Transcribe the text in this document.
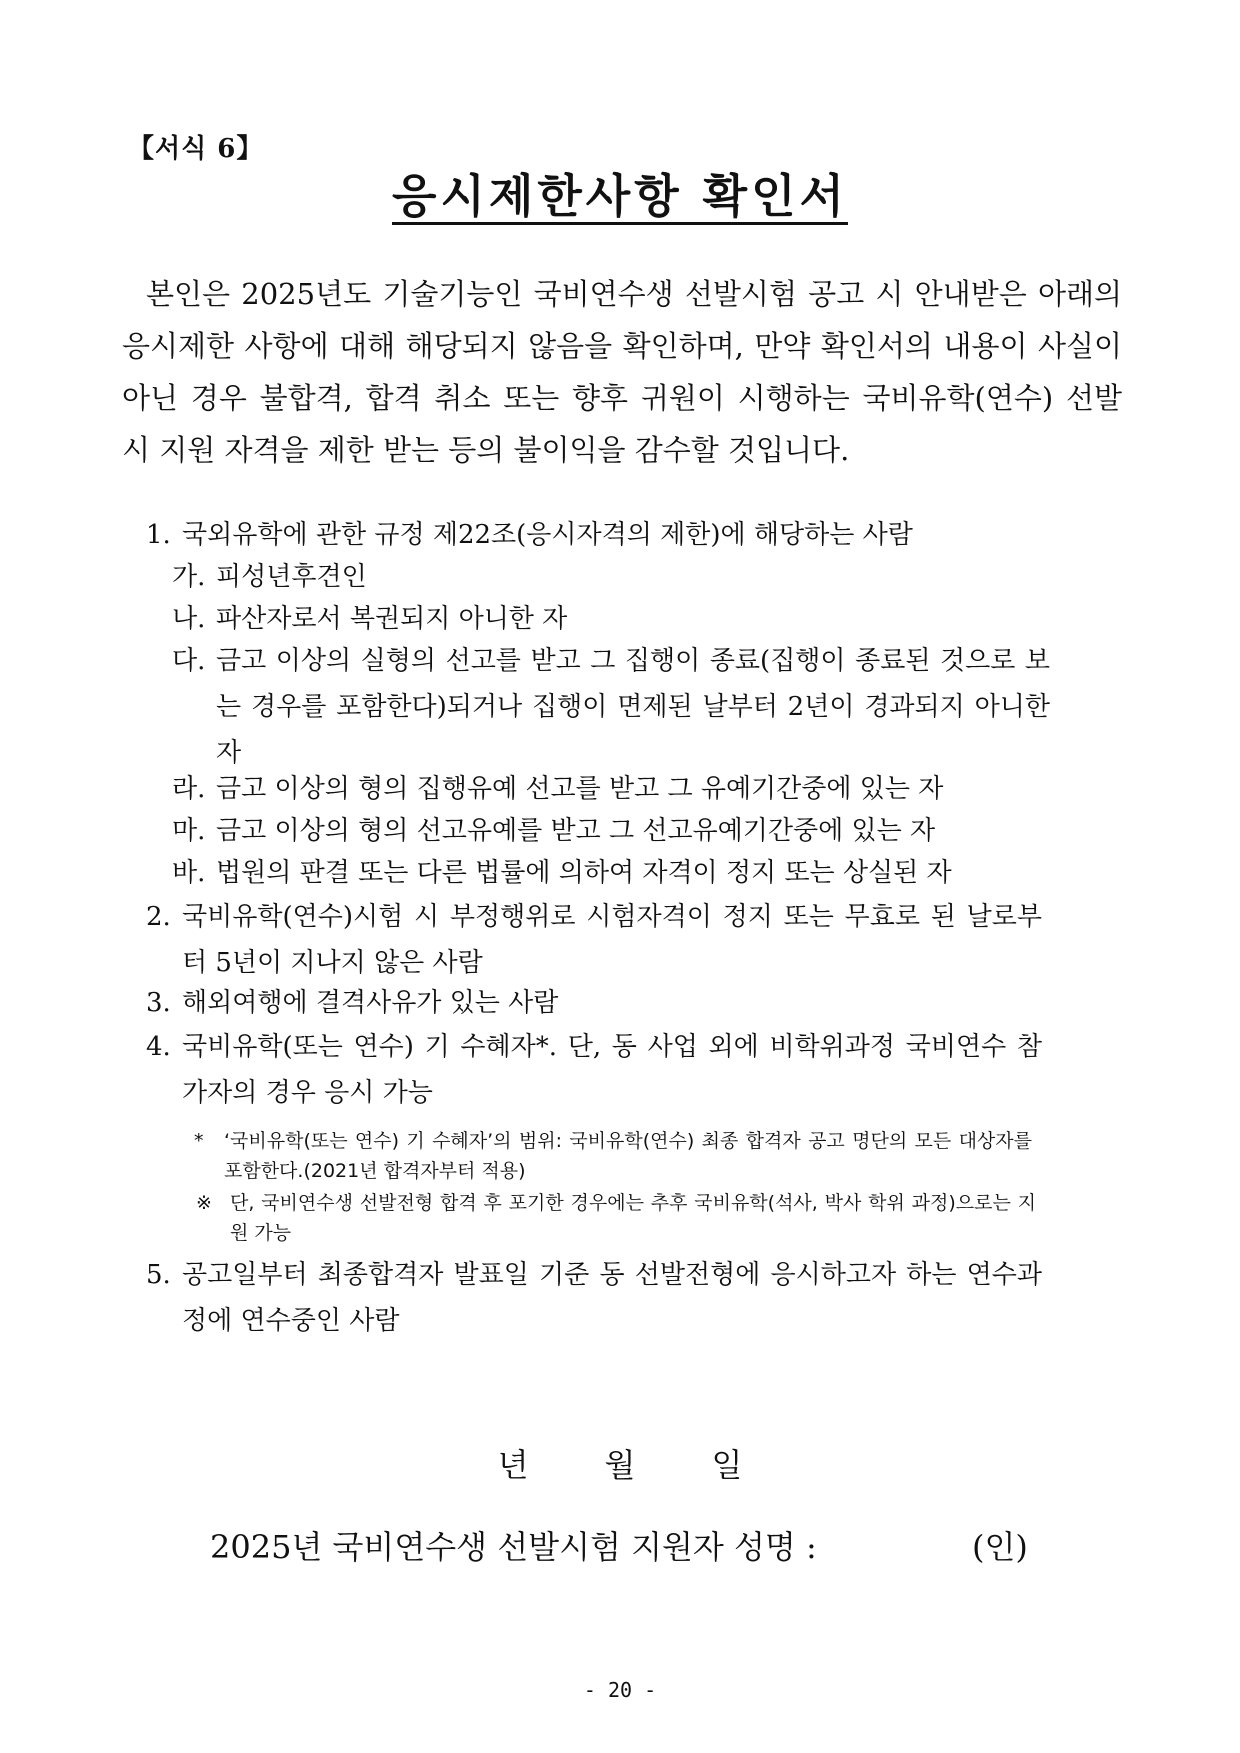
【서식 6】
응시제한사항 확인서

본인은 2025년도 기술기능인 국비연수생 선발시험 공고 시 안내받은 아래의 응시제한 사항에 대해 해당되지 않음을 확인하며, 만약 확인서의 내용이 사실이 아닌 경우 불합격, 합격 취소 또는 향후 귀원이 시행하는 국비유학(연수) 선발 시 지원 자격을 제한 받는 등의 불이익을 감수할 것입니다.

1. 국외유학에 관한 규정 제22조(응시자격의 제한)에 해당하는 사람
가. 피성년후견인
나. 파산자로서 복권되지 아니한 자
다. 금고 이상의 실형의 선고를 받고 그 집행이 종료(집행이 종료된 것으로 보는 경우를 포함한다)되거나 집행이 면제된 날부터 2년이 경과되지 아니한 자
라. 금고 이상의 형의 집행유예 선고를 받고 그 유예기간중에 있는 자
마. 금고 이상의 형의 선고유예를 받고 그 선고유예기간중에 있는 자
바. 법원의 판결 또는 다른 법률에 의하여 자격이 정지 또는 상실된 자
2. 국비유학(연수)시험 시 부정행위로 시험자격이 정지 또는 무효로 된 날로부터 5년이 지나지 않은 사람
3. 해외여행에 결격사유가 있는 사람
4. 국비유학(또는 연수) 기 수혜자*. 단, 동 사업 외에 비학위과정 국비연수 참가자의 경우 응시 가능
* ‘국비유학(또는 연수) 기 수혜자’의 범위: 국비유학(연수) 최종 합격자 공고 명단의 모든 대상자를 포함한다.(2021년 합격자부터 적용)
※ 단, 국비연수생 선발전형 합격 후 포기한 경우에는 추후 국비유학(석사, 박사 학위 과정)으로는 지원 가능
5. 공고일부터 최종합격자 발표일 기준 동 선발전형에 응시하고자 하는 연수과정에 연수중인 사람
년 월 일
2025년 국비연수생 선발시험 지원자 성명 :	(인)
- 20 -
